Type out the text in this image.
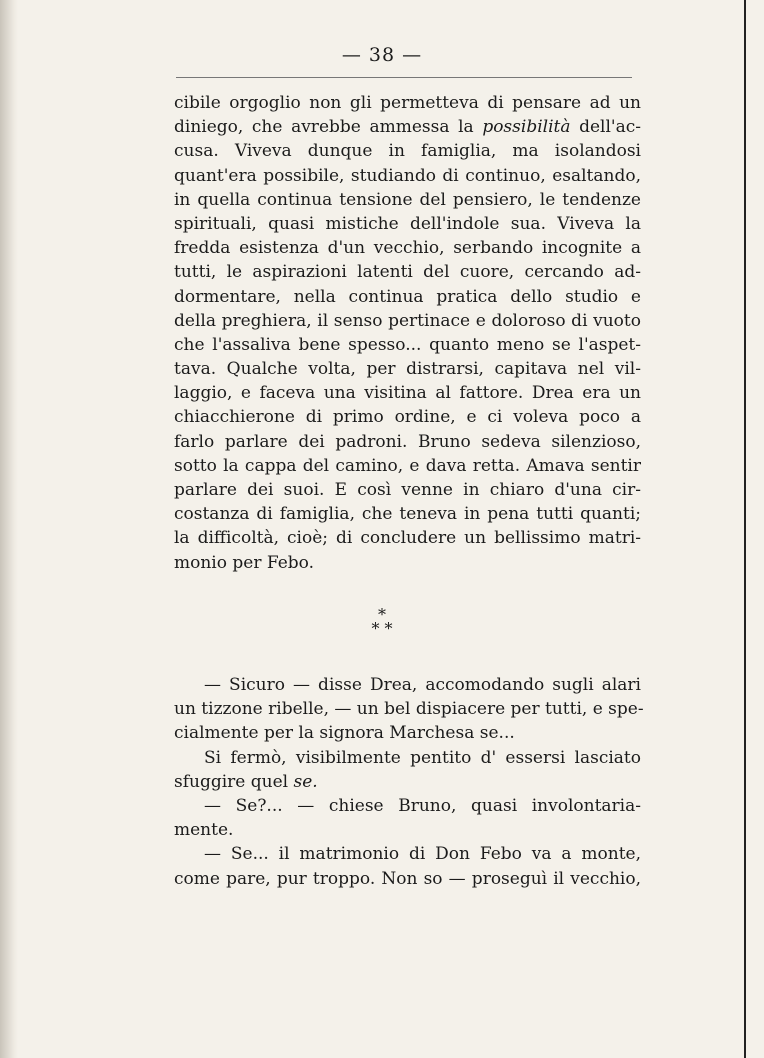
— 38 —
cibile orgoglio non gli permetteva di pensare ad un
diniego, che avrebbe ammessa la possibilità dell'ac-
cusa. Viveva dunque in famiglia, ma isolandosi
quant'era possibile, studiando di continuo, esaltando,
in quella continua tensione del pensiero, le tendenze
spirituali, quasi mistiche dell'indole sua. Viveva la
fredda esistenza d'un vecchio, serbando incognite a
tutti, le aspirazioni latenti del cuore, cercando ad-
dormentare, nella continua pratica dello studio e
della preghiera, il senso pertinace e doloroso di vuoto
che l'assaliva bene spesso... quanto meno se l'aspet-
tava. Qualche volta, per distrarsi, capitava nel vil-
laggio, e faceva una visitina al fattore. Drea era un
chiacchierone di primo ordine, e ci voleva poco a
farlo parlare dei padroni. Bruno sedeva silenzioso,
sotto la cappa del camino, e dava retta. Amava sentir
parlare dei suoi. E così venne in chiaro d'una cir-
costanza di famiglia, che teneva in pena tutti quanti;
la difficoltà, cioè; di concludere un bellissimo matri-
monio per Febo.
*
* *
— Sicuro — disse Drea, accomodando sugli alari
un tizzone ribelle, — un bel dispiacere per tutti, e spe-
cialmente per la signora Marchesa se...
Si fermò, visibilmente pentito d' essersi lasciato
sfuggire quel se.
— Se?... — chiese Bruno, quasi involontaria-
mente.
— Se... il matrimonio di Don Febo va a monte,
come pare, pur troppo. Non so — proseguì il vecchio,
